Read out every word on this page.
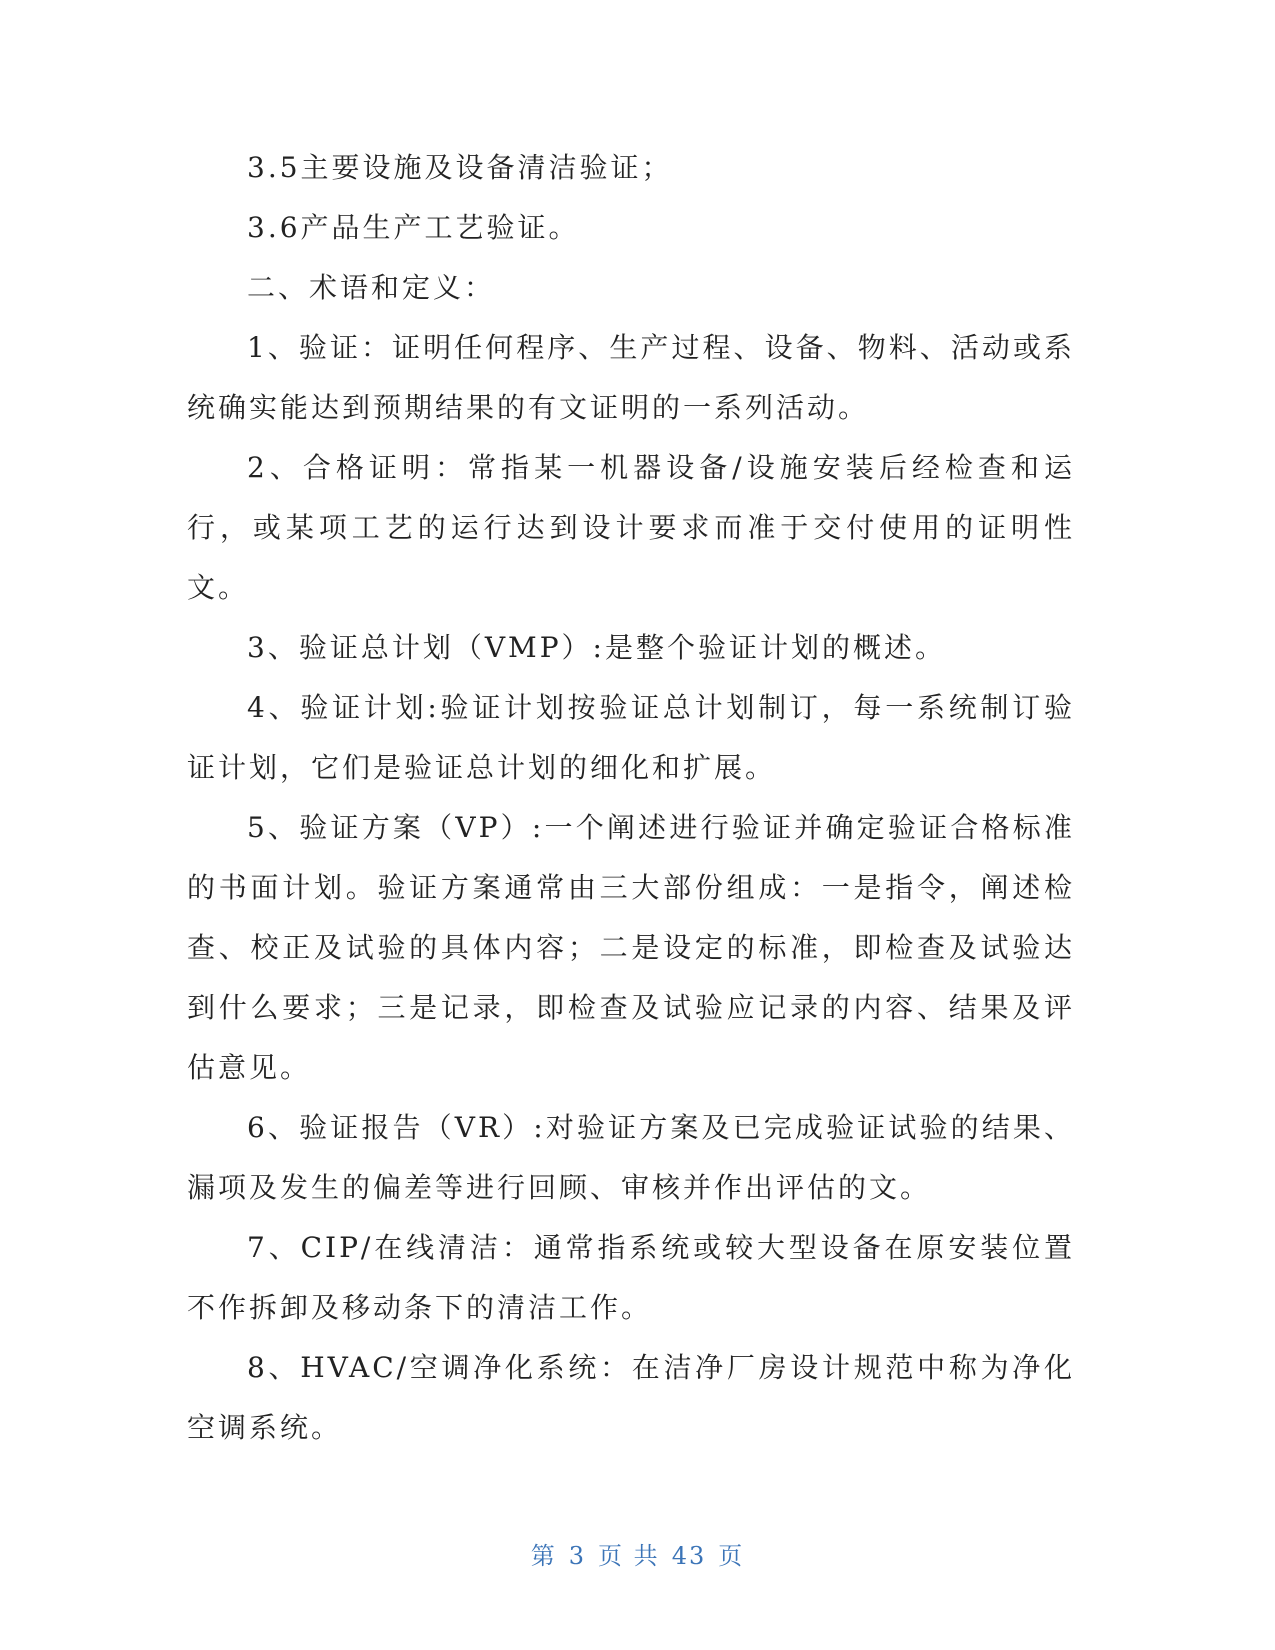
3.5主要设施及设备清洁验证；

3.6产品生产工艺验证。

二、术语和定义：

1、验证：证明任何程序、生产过程、设备、物料、活动或系统确实能达到预期结果的有文证明的一系列活动。

2、合格证明：常指某一机器设备/设施安装后经检查和运行，或某项工艺的运行达到设计要求而准于交付使用的证明性文。

3、验证总计划（VMP）:是整个验证计划的概述。

4、验证计划:验证计划按验证总计划制订，每一系统制订验证计划，它们是验证总计划的细化和扩展。

5、验证方案（VP）:一个阐述进行验证并确定验证合格标准的书面计划。验证方案通常由三大部份组成：一是指令，阐述检查、校正及试验的具体内容；二是设定的标准，即检查及试验达到什么要求；三是记录，即检查及试验应记录的内容、结果及评估意见。

6、验证报告（VR）:对验证方案及已完成验证试验的结果、漏项及发生的偏差等进行回顾、审核并作出评估的文。

7、CIP/在线清洁：通常指系统或较大型设备在原安装位置不作拆卸及移动条下的清洁工作。

8、HVAC/空调净化系统：在洁净厂房设计规范中称为净化空调系统。

第 3 页 共 43 页
